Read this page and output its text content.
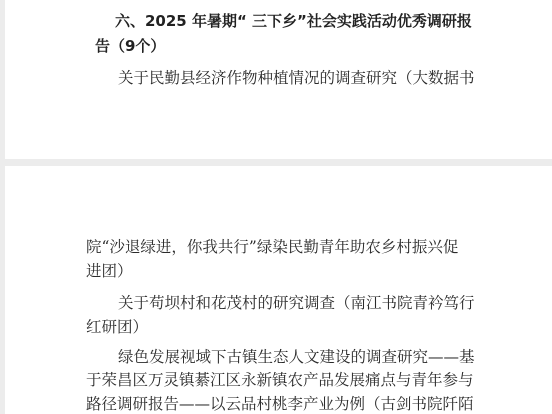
六、2025 年暑期“ 三下乡”社会实践活动优秀调研报
告（9个）
关于民勤县经济作物种植情况的调查研究（大数据书
院“沙退绿进，你我共行”绿染民勤青年助农乡村振兴促
进团）
关于苟坝村和花茂村的研究调查（南江书院青衿笃行
红研团）
绿色发展视域下古镇生态人文建设的调查研究——基
于荣昌区万灵镇綦江区永新镇农产品发展痛点与青年参与
路径调研报告——以云品村桃李产业为例（古剑书院阡陌
